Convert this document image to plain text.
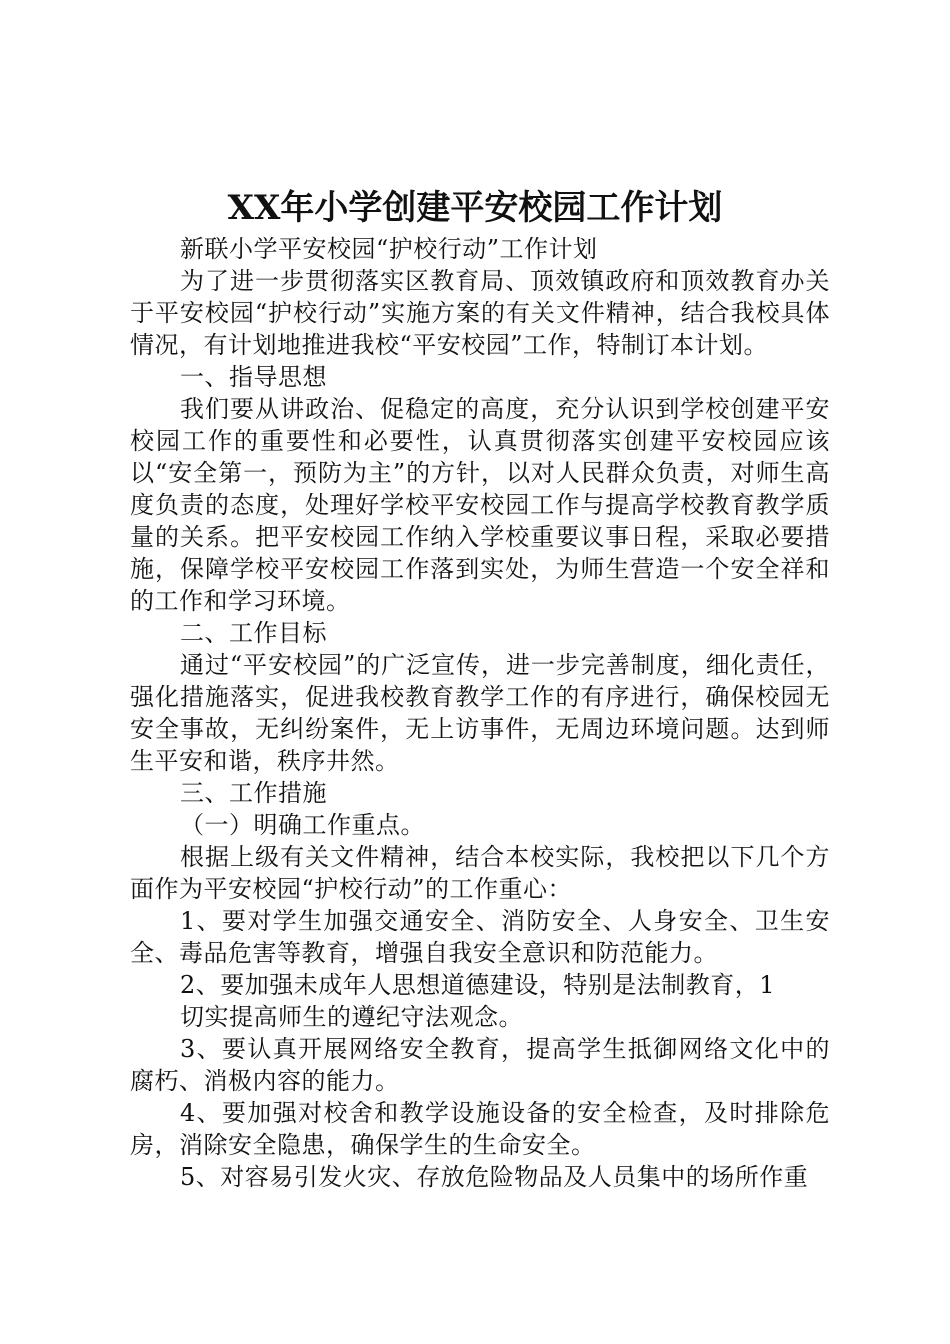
XX年小学创建平安校园工作计划

新联小学平安校园“护校行动”工作计划

为了进一步贯彻落实区教育局、顶效镇政府和顶效教育办关于平安校园“护校行动”实施方案的有关文件精神，结合我校具体情况，有计划地推进我校“平安校园”工作，特制订本计划。

一、指导思想

我们要从讲政治、促稳定的高度，充分认识到学校创建平安校园工作的重要性和必要性，认真贯彻落实创建平安校园应该以“安全第一，预防为主”的方针，以对人民群众负责，对师生高度负责的态度，处理好学校平安校园工作与提高学校教育教学质量的关系。把平安校园工作纳入学校重要议事日程，采取必要措施，保障学校平安校园工作落到实处，为师生营造一个安全祥和的工作和学习环境。

二、工作目标

通过“平安校园”的广泛宣传，进一步完善制度，细化责任，强化措施落实，促进我校教育教学工作的有序进行，确保校园无安全事故，无纠纷案件，无上访事件，无周边环境问题。达到师生平安和谐，秩序井然。

三、工作措施

（一）明确工作重点。

根据上级有关文件精神，结合本校实际，我校把以下几个方面作为平安校园“护校行动”的工作重心：

1、要对学生加强交通安全、消防安全、人身安全、卫生安全、毒品危害等教育，增强自我安全意识和防范能力。

2、要加强未成年人思想道德建设，特别是法制教育，1

切实提高师生的遵纪守法观念。

3、要认真开展网络安全教育，提高学生抵御网络文化中的腐朽、消极内容的能力。

4、要加强对校舍和教学设施设备的安全检查，及时排除危房，消除安全隐患，确保学生的生命安全。

5、对容易引发火灾、存放危险物品及人员集中的场所作重
